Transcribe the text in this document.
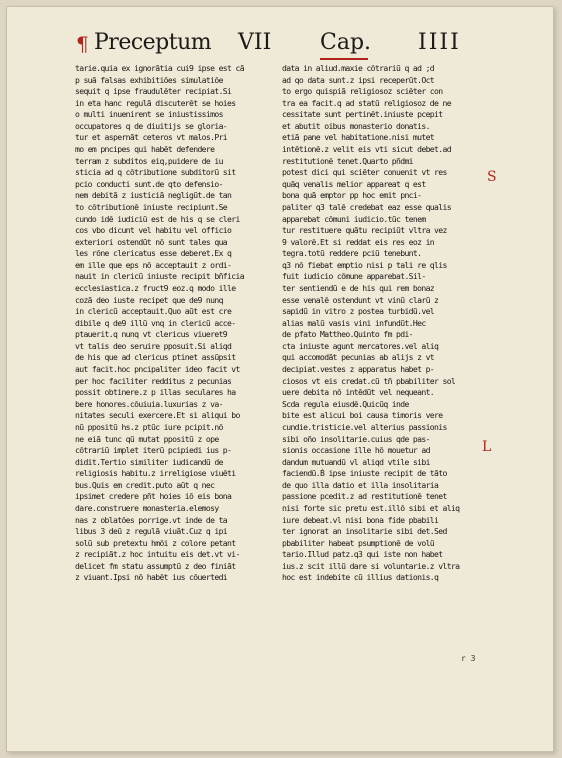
¶ Preceptum VII Cap. IIII
tarie.quia ex ignorãtia cui9 ipse est cã
p suã falsas exhibitiões simulatiõe
sequit q ipse fraudulẽter recipiat.Si
in eta hanc regulã discuterẽt se hoies
o multi inuenirent se iniustissimos
occupatores q de diuitijs se gloria-
tur et aspernãt ceteros vt malos.Pri
mo em pncipes qui habẽt defendere
terram z subditos eiq,puidere de iu
sticia ad q cõtributione subditorũ sit
pcio conducti sunt.de qto defensio-
nem debitã z iusticiã negligũt.de tan
to cõtributionẽ iniuste recipiunt.Se
cundo idẽ iudiciũ est de his q se cleri
cos vbo dicunt vel habitu vel officio
exteriori ostendũt nõ sunt tales qua
les rõne clericatus esse deberet.Ex q
em ille que eps nõ acceptauit z ordi-
nauit in clericũ iniuste recipit bñficia
ecclesiastica.z fruct9 eoz.q modo ille
cozã deo iuste recipet que de9 nunq
in clericũ acceptauit.Quo aũt est cre
dibile q de9 illũ vnq in clericũ acce-
ptauerit.q nunq vt clericus viueret9
vt talis deo seruire pposuit.Si aliqd
de his que ad clericus ptinet assũpsit
aut facit.hoc pncipaliter ideo facit vt
per hoc faciliter redditus z pecunias
possit obtinere.z p illas seculares ha
bere honores.cõuiuia.luxurias z va-
nitates seculi exercere.Et si aliqui bo
nũ ppositũ hs.z ptũc iure pcipit.nõ
ne eiã tunc qũ mutat ppositũ z ope
cõtrariũ implet iterũ pcipiedi ius p-
didit.Tertio similiter iudicandũ de
religiosis habitu.z irreligiose viuẽti
bus.Quis em credit.puto aũt q nec
ipsimet credere pñt hoies iõ eis bona
dare.construere monasteria.elemosy
nas z oblatões porrige.vt inde de ta
libus 3 deũ z regulã viuãt.Cuz q ipi
solũ sub pretextu hmõi z colore petant
z recipiãt.z hoc intuitu eis det.vt vi-
delicet fm statu assumptũ z deo finiãt
z viuant.Ipsi nõ habẽt ius cõuertedi
data in aliud.maxie cõtrariũ q ad ;d
ad qo data sunt.z ipsi receperũt.Oct
to ergo quispiã religiosoz sciẽter con
tra ea facit.q ad statũ religiosoz de ne
cessitate sunt pertinẽt.iniuste pcepit
et abutit oibus monasterio donatis.
etiã pane vel habitatione.nisi mutet
intẽtionẽ.z velit eis vti sicut debet.ad
restitutionẽ tenet.Quarto pñdmi
potest dici qui sciẽter conuenit vt res
quãq venalis melior appareat q est
bona quã emptor pp hoc emit pnci-
paliter q3 talẽ credebat eaz esse qualis
apparebat cõmuni iudicio.tũc tenem
tur restituere quãtu recipiũt vltra vez
9 valorẽ.Et si reddat eis res eoz in
tegra.totũ reddere pciũ tenebunt.
q3 nõ fiebat emptio nisi p tali re qlis
fuit iudicio cõmune apparebat.Sil-
ter sentiendũ e de his qui rem bonaz
esse venalẽ ostendunt vt vinũ clarũ z
sapidũ in vitro z postea turbidũ.vel
alias malũ vasis vini infundũt.Hec
de pfato Mattheo.Quinto fm pdi-
cta iniuste agunt mercatores.vel aliq
qui accomodãt pecunias ab alijs z vt
decipiat.vestes z apparatus habet p-
ciosos vt eis credat.cũ tñ pbabiliter sol
uere debita nõ intẽdũt vel nequeant.
Scda regula eiusdẽ.Quicũq inde
bite est alicui boi causa timoris vere
cundie.tristicie.vel alterius passionis
sibi oño insolitarie.cuius qde pas-
sionis occasione ille hõ mouetur ad
dandum mutuandũ vl aliqd vtile sibi
faciendũ.Ḃ ipse iniuste recipit de tãto
de quo illa datio et illa insolitaria
passione pcedit.z ad restitutionẽ tenet
nisi forte sic pretu est.illõ sibi et aliq
iure debeat.vl nisi bona fide pbabili
ter ignorat an insolitarie sibi det.Sed
pbabiliter habeat psumptionẽ de volũ
tario.Illud patz.q3 qui iste non habet
ius.z scit illũ dare si voluntarie.z vltra
hoc est indebite cũ illius dationis.q
S
L
r 3
